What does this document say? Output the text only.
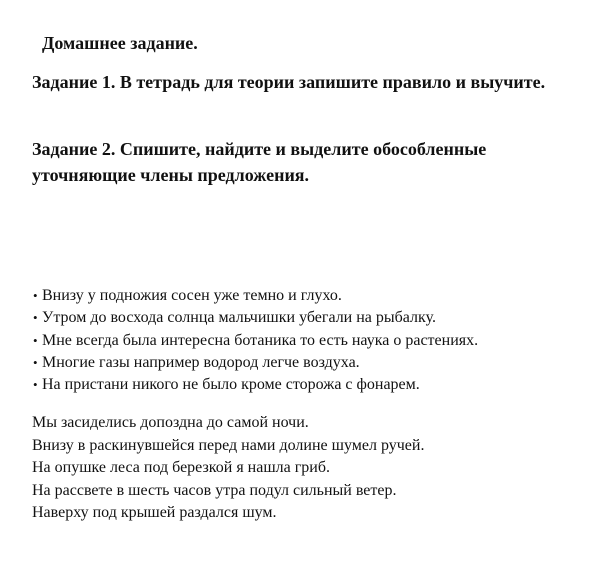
Домашнее задание.
Задание 1. В тетрадь для теории запишите правило и выучите.
Задание 2. Спишите, найдите и выделите обособленные
уточняющие члены предложения.
• Внизу у подножия сосен уже темно и глухо.
• Утром до восхода солнца мальчишки убегали на рыбалку.
• Мне всегда была интересна ботаника то есть наука о растениях.
• Многие газы например водород легче воздуха.
• На пристани никого не было кроме сторожа с фонарем.
Мы засиделись допоздна до самой ночи.
Внизу в раскинувшейся перед нами долине шумел ручей.
На опушке леса под березкой я нашла гриб.
На рассвете в шесть часов утра подул сильный ветер.
Наверху под крышей раздался шум.
